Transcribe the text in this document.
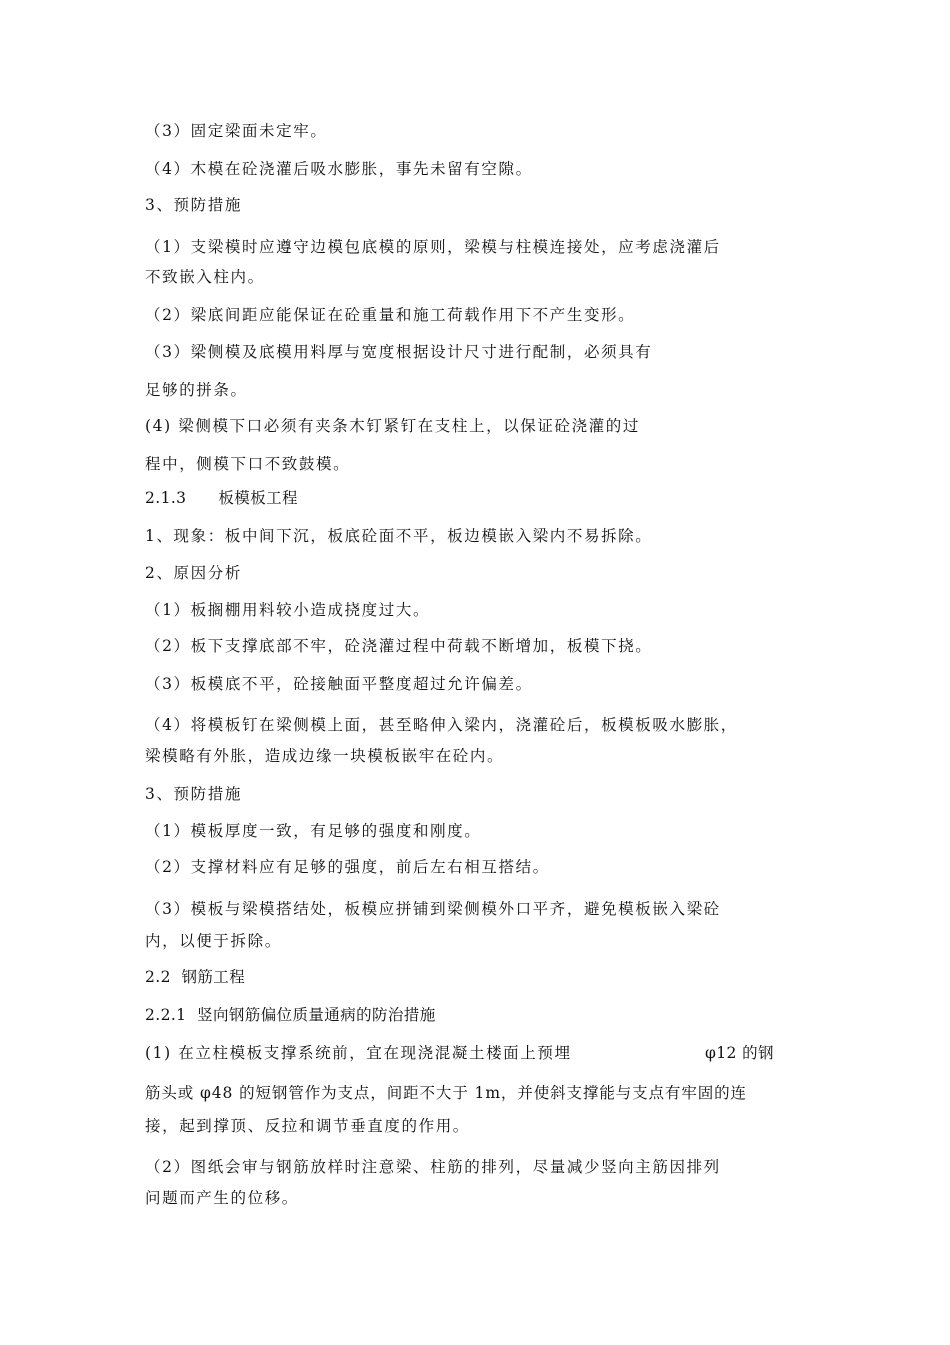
（3）固定梁面未定牢。
（4）木模在砼浇灌后吸水膨胀，事先未留有空隙。
3、预防措施
（1）支梁模时应遵守边模包底模的原则，梁模与柱模连接处，应考虑浇灌后
不致嵌入柱内。
（2）梁底间距应能保证在砼重量和施工荷载作用下不产生变形。
（3）梁侧模及底模用料厚与宽度根据设计尺寸进行配制，必须具有
足够的拼条。
(4) 梁侧模下口必须有夹条木钉紧钉在支柱上，以保证砼浇灌的过
程中，侧模下口不致鼓模。
2.1.3      板模板工程
1、现象：板中间下沉，板底砼面不平，板边模嵌入梁内不易拆除。
2、原因分析
（1）板搁棚用料较小造成挠度过大。
（2）板下支撑底部不牢，砼浇灌过程中荷载不断增加，板模下挠。
（3）板模底不平，砼接触面平整度超过允许偏差。
（4）将模板钉在梁侧模上面，甚至略伸入梁内，浇灌砼后，板模板吸水膨胀，
梁模略有外胀，造成边缘一块模板嵌牢在砼内。
3、预防措施
（1）模板厚度一致，有足够的强度和刚度。
（2）支撑材料应有足够的强度，前后左右相互搭结。
（3）模板与梁模搭结处，板模应拼铺到梁侧模外口平齐，避免模板嵌入梁砼
内，以便于拆除。
2.2  钢筋工程
2.2.1  竖向钢筋偏位质量通病的防治措施
(1) 在立柱模板支撑系统前，宜在现浇混凝土楼面上预埋	φ12 的钢
筋头或 φ48 的短钢管作为支点，间距不大于 1m，并使斜支撑能与支点有牢固的连
接，起到撑顶、反拉和调节垂直度的作用。
（2）图纸会审与钢筋放样时注意梁、柱筋的排列，尽量减少竖向主筋因排列
问题而产生的位移。
